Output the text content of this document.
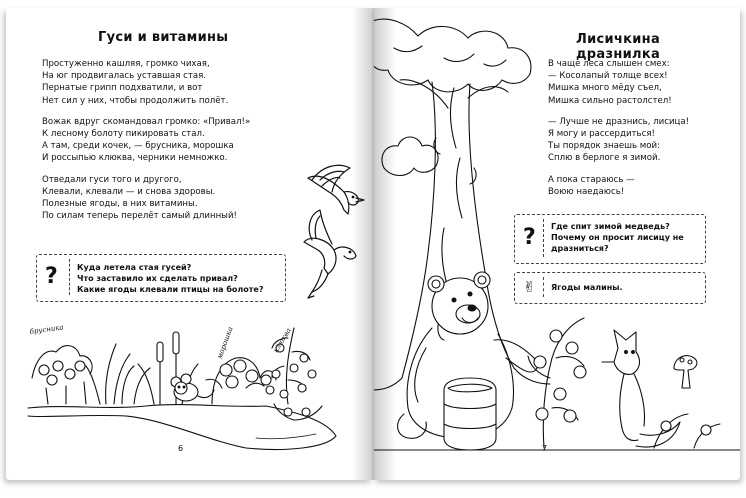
Гуси и витамины
Простуженно кашляя, громко чихая,
На юг продвигалась уставшая стая.
Пернатые грипп подхватили, и вот
Нет сил у них, чтобы продолжить полёт.
Вожак вдруг скомандовал громко: «Привал!»
К лесному болоту пикировать стал.
А там, среди кочек, — брусника, морошка
И россыпью клюква, черники немножко.
Отведали гуси того и другого,
Клевали, клевали — и снова здоровы.
Полезные ягоды, в них витамины.
По силам теперь перелёт самый длинный!
? Куда летела стая гусей?
Что заставило их сделать привал?
Какие ягоды клевали птицы на болоте?
брусника	морошка	клюква
6
Лисичкина дразнилка
В чаще леса слышен смех:
— Косолапый толще всех!
Мишка много мёду съел,
Мишка сильно растолстел!
— Лучше не дразнись, лисица!
Я могу и рассердиться!
Ты порядок знаешь мой:
Сплю в берлоге я зимой.
А пока стараюсь —
Воюю наедаюсь!
? Где спит зимой медведь?
Почему он просит лисицу не
дразниться?
✌ Ягоды малины.
7
